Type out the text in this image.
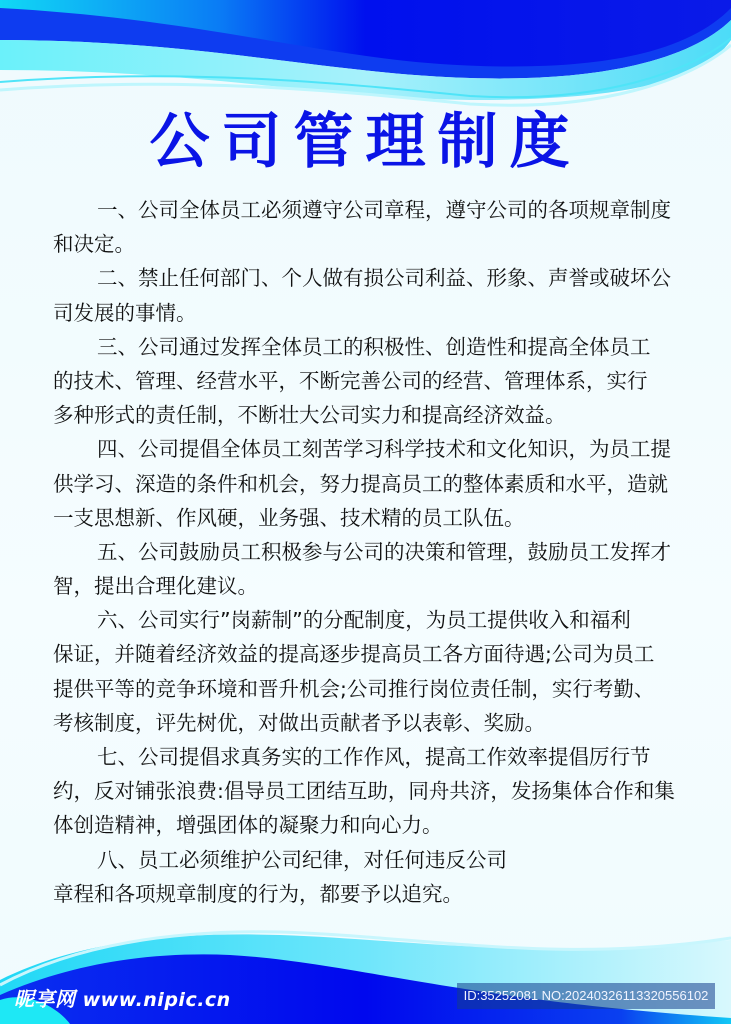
公司管理制度
一、公司全体员工必须遵守公司章程，遵守公司的各项规章制度
和决定。
二、禁止任何部门、个人做有损公司利益、形象、声誉或破坏公
司发展的事情。
三、公司通过发挥全体员工的积极性、创造性和提高全体员工
的技术、管理、经营水平，不断完善公司的经营、管理体系，实行
多种形式的责任制，不断壮大公司实力和提高经济效益。
四、公司提倡全体员工刻苦学习科学技术和文化知识，为员工提
供学习、深造的条件和机会，努力提高员工的整体素质和水平，造就
一支思想新、作风硬，业务强、技术精的员工队伍。
五、公司鼓励员工积极参与公司的决策和管理，鼓励员工发挥才
智，提出合理化建议。
六、公司实行”岗薪制”的分配制度，为员工提供收入和福利
保证，并随着经济效益的提高逐步提高员工各方面待遇;公司为员工
提供平等的竞争环境和晋升机会;公司推行岗位责任制，实行考勤、
考核制度，评先树优，对做出贡献者予以表彰、奖励。
七、公司提倡求真务实的工作作风，提高工作效率提倡厉行节
约，反对铺张浪费:倡导员工团结互助，同舟共济，发扬集体合作和集
体创造精神，增强团体的凝聚力和向心力。
八、员工必须维护公司纪律，对任何违反公司
章程和各项规章制度的行为，都要予以追究。
昵享网 www.nipic.cn	ID:35252081 NO:20240326113320556102
